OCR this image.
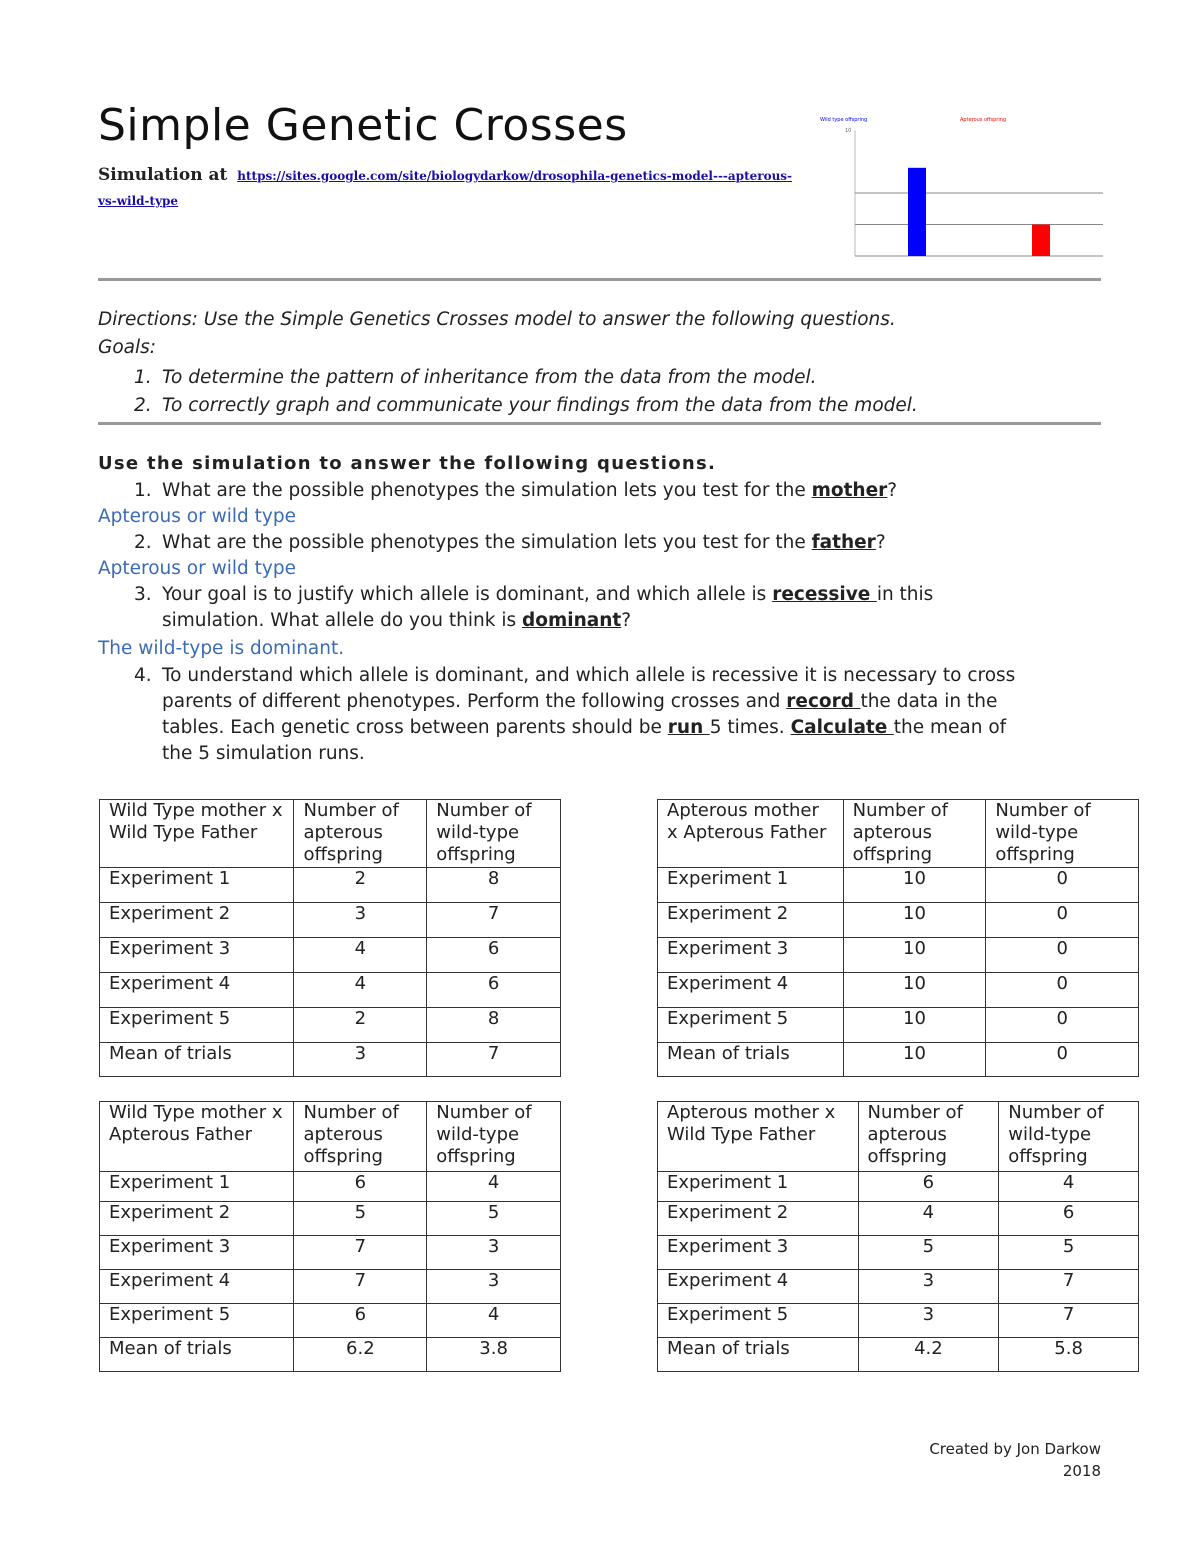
Simple Genetic Crosses
Simulation at https://sites.google.com/site/biologydarkow/drosophila-genetics-model---apterous-
vs-wild-type
Wild type offspring	Apterous offspring
10
Directions: Use the Simple Genetics Crosses model to answer the following questions.
Goals:
1. To determine the pattern of inheritance from the data from the model.
2. To correctly graph and communicate your findings from the data from the model.
Use the simulation to answer the following questions.
1. What are the possible phenotypes the simulation lets you test for the mother?
Apterous or wild type
2. What are the possible phenotypes the simulation lets you test for the father?
Apterous or wild type
3. Your goal is to justify which allele is dominant, and which allele is recessive in this
simulation. What allele do you think is dominant?
The wild-type is dominant.
4. To understand which allele is dominant, and which allele is recessive it is necessary to cross
parents of different phenotypes. Perform the following crosses and record the data in the
tables. Each genetic cross between parents should be run 5 times. Calculate the mean of
the 5 simulation runs.
Wild Type mother x Wild Type Father	Number of apterous offspring	Number of wild-type offspring
Experiment 1	2	8
Experiment 2	3	7
Experiment 3	4	6
Experiment 4	4	6
Experiment 5	2	8
Mean of trials	3	7
Apterous mother x Apterous Father	Number of apterous offspring	Number of wild-type offspring
Experiment 1	10	0
Experiment 2	10	0
Experiment 3	10	0
Experiment 4	10	0
Experiment 5	10	0
Mean of trials	10	0
Wild Type mother x Apterous Father	Number of apterous offspring	Number of wild-type offspring
Experiment 1	6	4
Experiment 2	5	5
Experiment 3	7	3
Experiment 4	7	3
Experiment 5	6	4
Mean of trials	6.2	3.8
Apterous mother x Wild Type Father	Number of apterous offspring	Number of wild-type offspring
Experiment 1	6	4
Experiment 2	4	6
Experiment 3	5	5
Experiment 4	3	7
Experiment 5	3	7
Mean of trials	4.2	5.8
Created by Jon Darkow
2018
